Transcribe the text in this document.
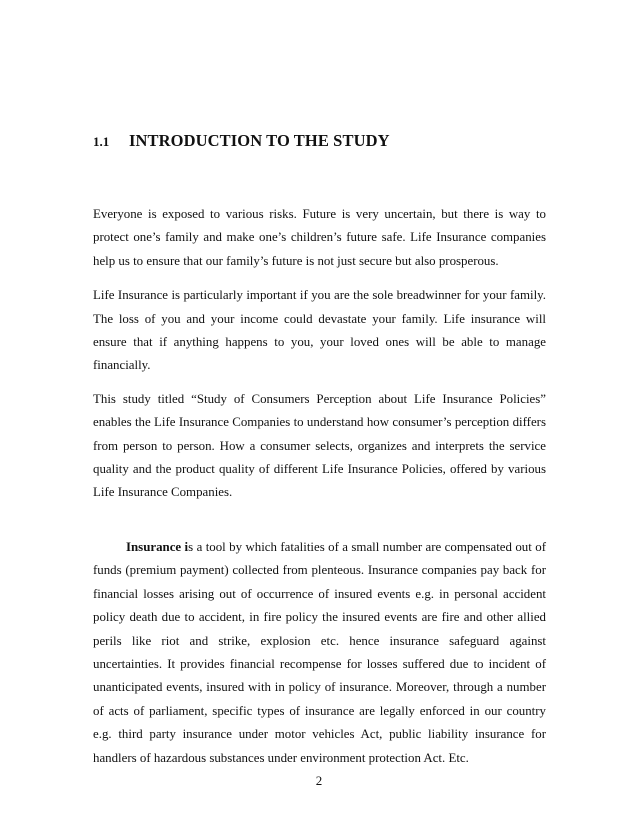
1.1	INTRODUCTION TO THE STUDY

Everyone is exposed to various risks. Future is very uncertain, but there is way to protect one’s family and make one’s children’s future safe. Life Insurance companies help us to ensure that our family’s future is not just secure but also prosperous.

Life Insurance is particularly important if you are the sole breadwinner for your family. The loss of you and your income could devastate your family. Life insurance will ensure that if anything happens to you, your loved ones will be able to manage financially.

This study titled “Study of Consumers Perception about Life Insurance Policies” enables the Life Insurance Companies to understand how consumer’s perception differs from person to person. How a consumer selects, organizes and interprets the service quality and the product quality of different Life Insurance Policies, offered by various Life Insurance Companies.

Insurance is a tool by which fatalities of a small number are compensated out of funds (premium payment) collected from plenteous. Insurance companies pay back for financial losses arising out of occurrence of insured events e.g. in personal accident policy death due to accident, in fire policy the insured events are fire and other allied perils like riot and strike, explosion etc. hence insurance safeguard against uncertainties. It provides financial recompense for losses suffered due to incident of unanticipated events, insured with in policy of insurance. Moreover, through a number of acts of parliament, specific types of insurance are legally enforced in our country e.g. third party insurance under motor vehicles Act, public liability insurance for handlers of hazardous substances under environment protection Act. Etc.

2
